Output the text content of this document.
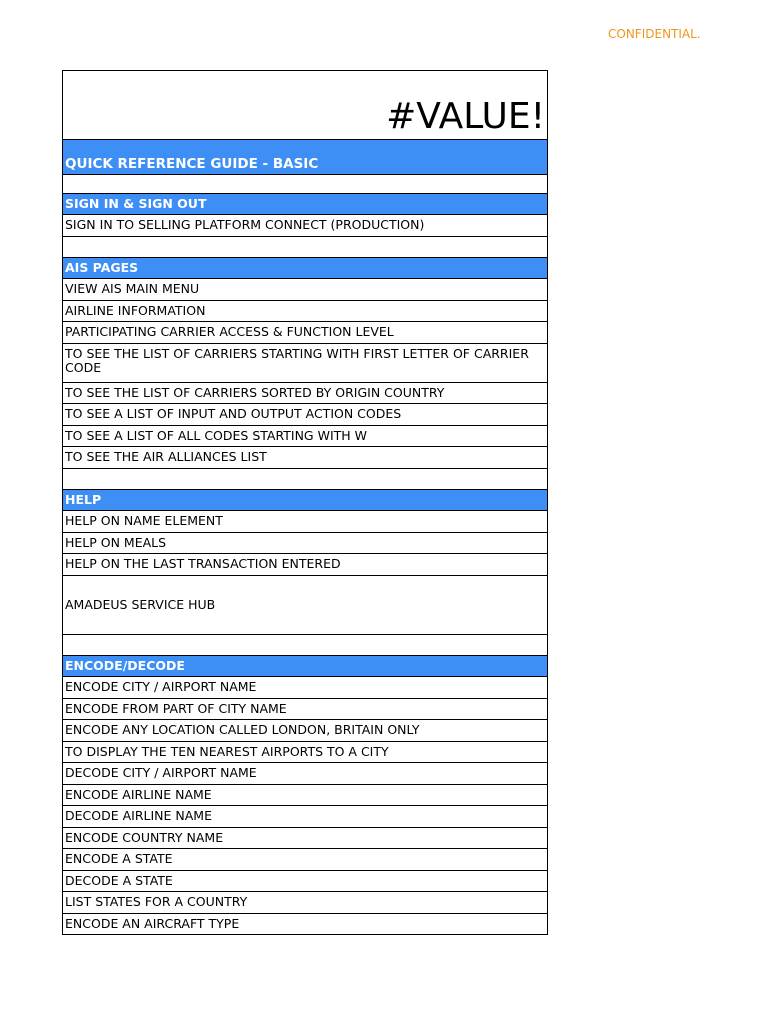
CONFIDENTIAL.
#VALUE!
QUICK REFERENCE GUIDE - BASIC
SIGN IN & SIGN OUT
SIGN IN TO SELLING PLATFORM CONNECT (PRODUCTION)
AIS PAGES
VIEW AIS MAIN MENU
AIRLINE INFORMATION
PARTICIPATING CARRIER ACCESS & FUNCTION LEVEL
TO SEE THE LIST OF CARRIERS STARTING WITH FIRST LETTER OF CARRIER CODE
TO SEE THE LIST OF CARRIERS SORTED BY ORIGIN COUNTRY
TO SEE A LIST OF INPUT AND OUTPUT ACTION CODES
TO SEE A LIST OF ALL CODES STARTING WITH W
TO SEE THE AIR ALLIANCES LIST
HELP
HELP ON NAME ELEMENT
HELP ON MEALS
HELP ON THE LAST TRANSACTION ENTERED
AMADEUS SERVICE HUB
ENCODE/DECODE
ENCODE CITY / AIRPORT NAME
ENCODE FROM PART OF CITY NAME
ENCODE ANY LOCATION CALLED LONDON, BRITAIN ONLY
TO DISPLAY THE TEN NEAREST AIRPORTS TO A CITY
DECODE CITY / AIRPORT NAME
ENCODE AIRLINE NAME
DECODE AIRLINE NAME
ENCODE COUNTRY NAME
ENCODE A STATE
DECODE A STATE
LIST STATES FOR A COUNTRY
ENCODE AN AIRCRAFT TYPE
